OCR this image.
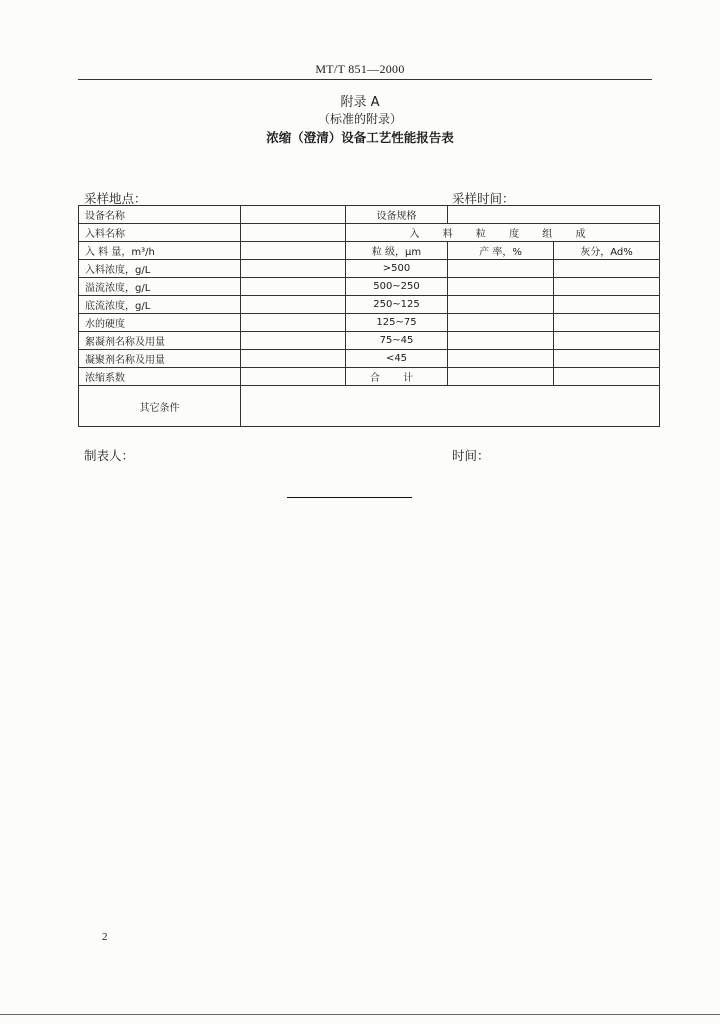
MT/T 851—2000
附录 A
（标准的附录）
浓缩（澄清）设备工艺性能报告表
采样地点：	采样时间：
设备名称		设备规格		
入料名称		入 料 粒 度 组 成		
入 料 量，m³/h		粒 级，μm	产 率，%	灰分，Ad%
入料浓度，g/L		>500		
溢流浓度，g/L		500~250		
底流浓度，g/L		250~125		
水的硬度		125~75		
絮凝剂名称及用量		75~45		
凝聚剂名称及用量		<45		
浓缩系数		合 计		
其它条件				
制表人：	时间：
2
